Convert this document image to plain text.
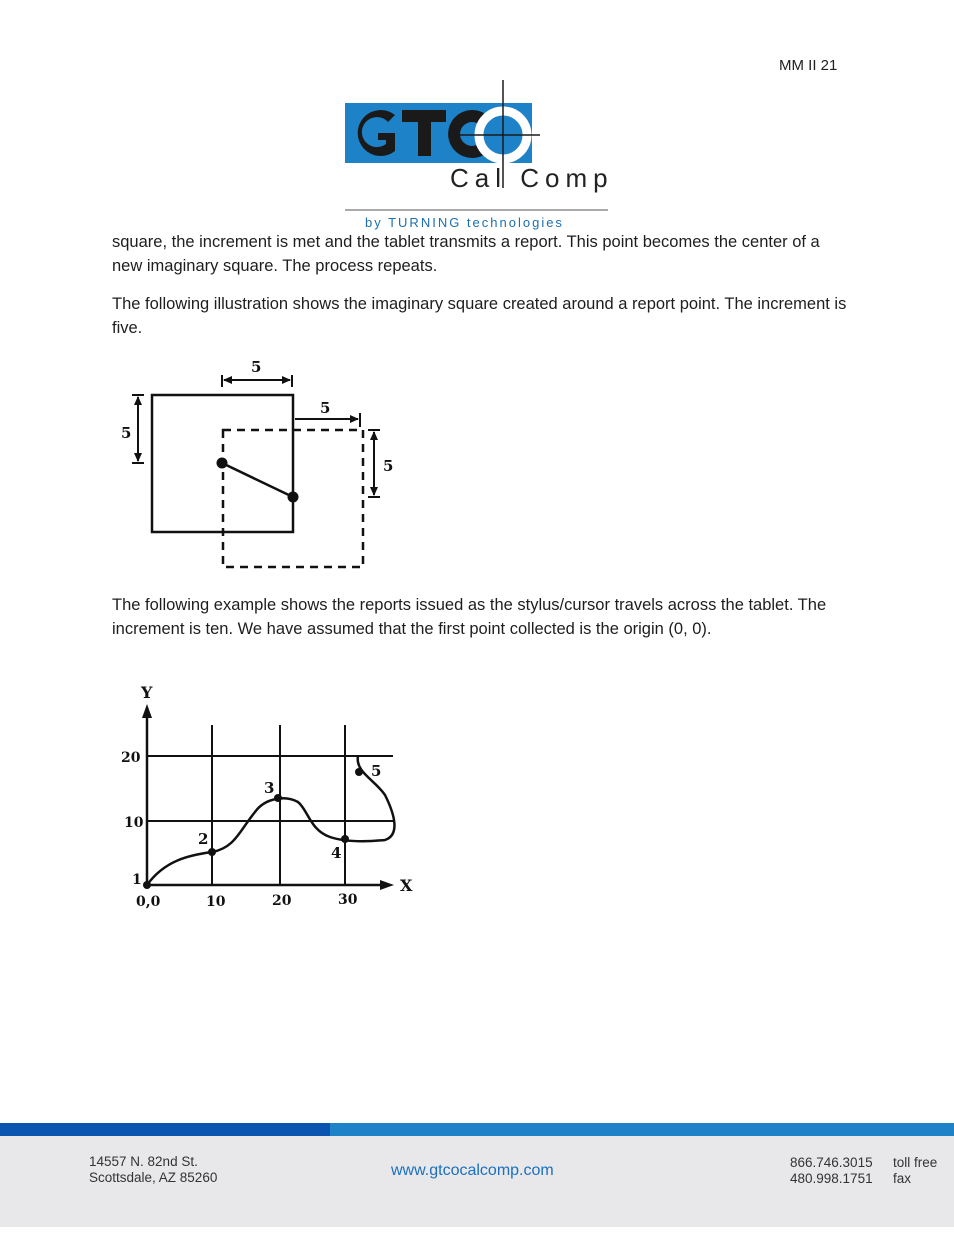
MM II 21
Cal Comp
by TURNING technologies

square, the increment is met and the tablet transmits a report. This point becomes the center of a new imaginary square. The process repeats.

The following illustration shows the imaginary square created around a report point. The increment is five.

5
5
5
5

The following example shows the reports issued as the stylus/cursor travels across the tablet. The increment is ten. We have assumed that the first point collected is the origin (0, 0).

2
3
4
5
Y
X
20
10
1
0,0	10	20	30
14557 N. 82nd St.
Scottsdale, AZ 85260	www.gtcocalcomp.com	866.746.3015
480.998.1751
toll free
fax
